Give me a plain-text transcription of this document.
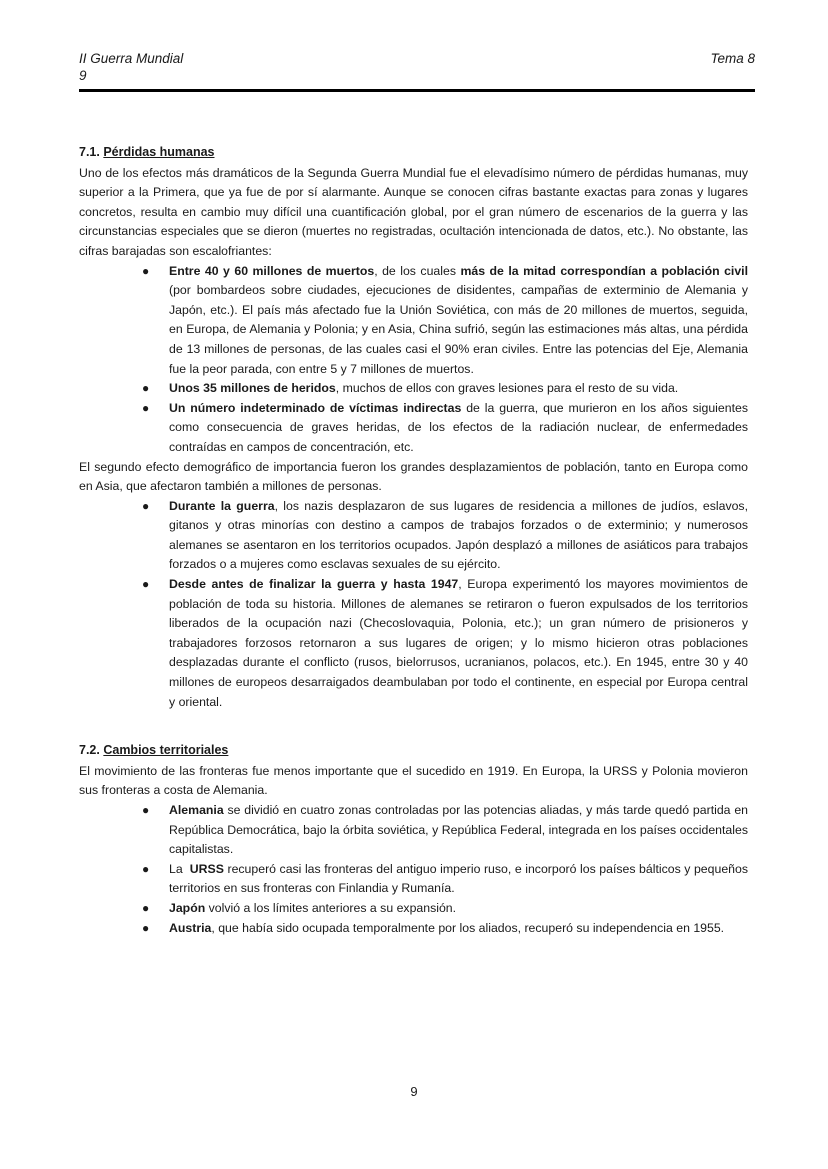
II Guerra Mundial
9
Tema 8
7.1. Pérdidas humanas

Uno de los efectos más dramáticos de la Segunda Guerra Mundial fue el elevadísimo número de pérdidas humanas, muy superior a la Primera, que ya fue de por sí alarmante. Aunque se conocen cifras bastante exactas para zonas y lugares concretos, resulta en cambio muy difícil una cuantificación global, por el gran número de escenarios de la guerra y las circunstancias especiales que se dieron (muertes no registradas, ocultación intencionada de datos, etc.). No obstante, las cifras barajadas son escalofriantes:

● Entre 40 y 60 millones de muertos, de los cuales más de la mitad correspondían a población civil (por bombardeos sobre ciudades, ejecuciones de disidentes, campañas de exterminio de Alemania y Japón, etc.). El país más afectado fue la Unión Soviética, con más de 20 millones de muertos, seguida, en Europa, de Alemania y Polonia; y en Asia, China sufrió, según las estimaciones más altas, una pérdida de 13 millones de personas, de las cuales casi el 90% eran civiles. Entre las potencias del Eje, Alemania fue la peor parada, con entre 5 y 7 millones de muertos.
● Unos 35 millones de heridos, muchos de ellos con graves lesiones para el resto de su vida.
● Un número indeterminado de víctimas indirectas de la guerra, que murieron en los años siguientes como consecuencia de graves heridas, de los efectos de la radiación nuclear, de enfermedades contraídas en campos de concentración, etc.

El segundo efecto demográfico de importancia fueron los grandes desplazamientos de población, tanto en Europa como en Asia, que afectaron también a millones de personas.

● Durante la guerra, los nazis desplazaron de sus lugares de residencia a millones de judíos, eslavos, gitanos y otras minorías con destino a campos de trabajos forzados o de exterminio; y numerosos alemanes se asentaron en los territorios ocupados. Japón desplazó a millones de asiáticos para trabajos forzados o a mujeres como esclavas sexuales de su ejército.
● Desde antes de finalizar la guerra y hasta 1947, Europa experimentó los mayores movimientos de población de toda su historia. Millones de alemanes se retiraron o fueron expulsados de los territorios liberados de la ocupación nazi (Checoslovaquia, Polonia, etc.); un gran número de prisioneros y trabajadores forzosos retornaron a sus lugares de origen; y lo mismo hicieron otras poblaciones desplazadas durante el conflicto (rusos, bielorrusos, ucranianos, polacos, etc.). En 1945, entre 30 y 40 millones de europeos desarraigados deambulaban por todo el continente, en especial por Europa central y oriental.
7.2. Cambios territoriales

El movimiento de las fronteras fue menos importante que el sucedido en 1919. En Europa, la URSS y Polonia movieron sus fronteras a costa de Alemania.

● Alemania se dividió en cuatro zonas controladas por las potencias aliadas, y más tarde quedó partida en República Democrática, bajo la órbita soviética, y República Federal, integrada en los países occidentales capitalistas.
● La  URSS recuperó casi las fronteras del antiguo imperio ruso, e incorporó los países bálticos y pequeños territorios en sus fronteras con Finlandia y Rumanía.
● Japón volvió a los límites anteriores a su expansión.
● Austria, que había sido ocupada temporalmente por los aliados, recuperó su independencia en 1955.
9
